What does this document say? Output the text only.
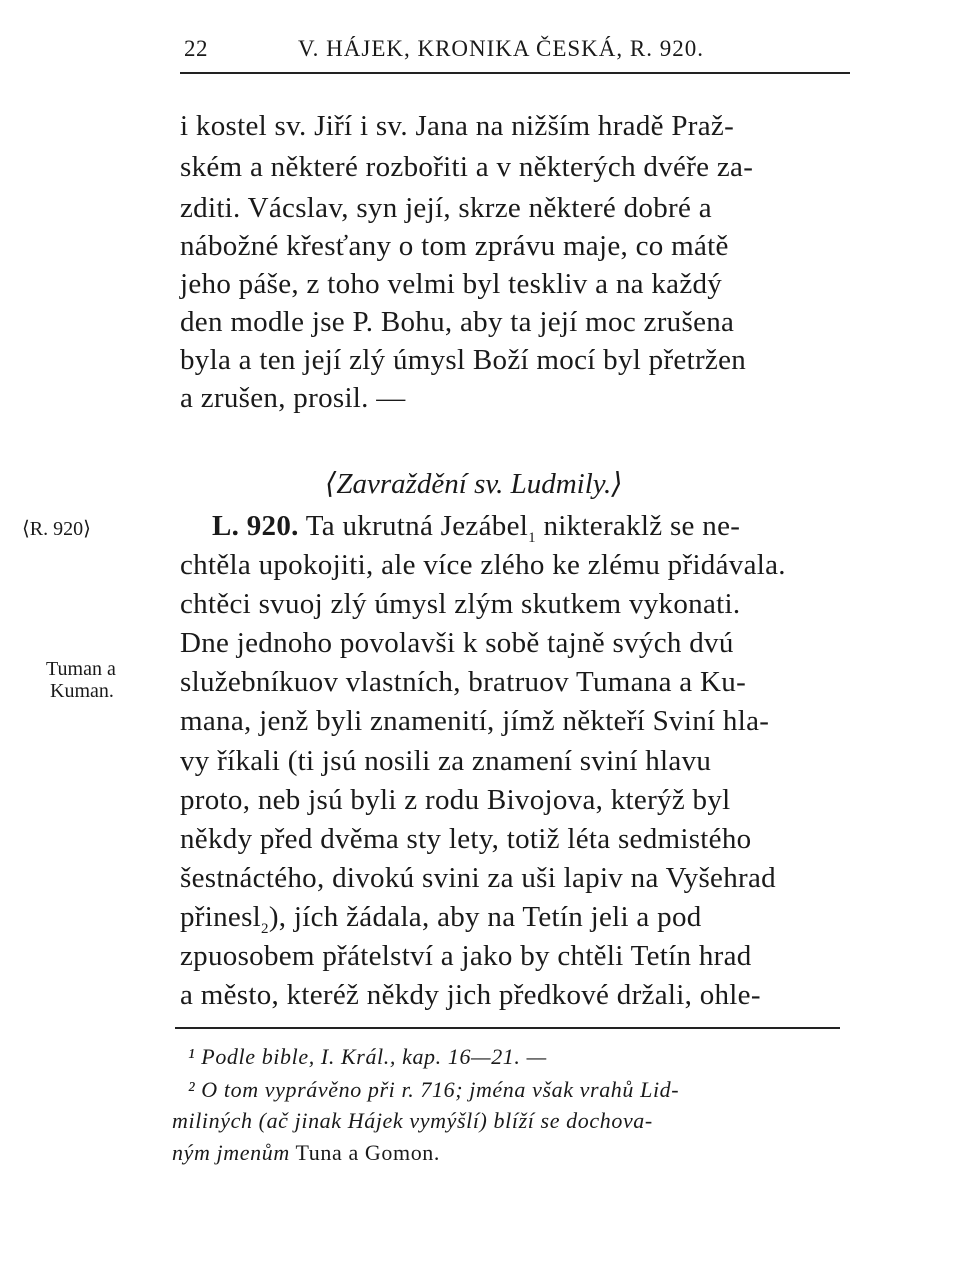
22	V. HÁJEK, KRONIKA ČESKÁ, R. 920.
i kostel sv. Jiří i sv. Jana na nižším hradě Praž-
ském a některé rozbořiti a v některých dvéře za-
zditi. Vácslav, syn její, skrze některé dobré a
nábožné křesťany o tom zprávu maje, co mátě
jeho páše, z toho velmi byl teskliv a na každý
den modle jse P. Bohu, aby ta její moc zrušena
byla a ten její zlý úmysl Boží mocí byl přetržen
a zrušen, prosil. —
⟨Zavraždění sv. Ludmily.⟩
⟨R. 920⟩
Tuman a
Kuman.
L. 920. Ta ukrutná Jezábel$_1$ nikteraklž se ne-
chtěla upokojiti, ale více zlého ke zlému přidávala.
chtěci svuoj zlý úmysl zlým skutkem vykonati.
Dne jednoho povolavši k sobě tajně svých dvú
služebníkuov vlastních, bratruov Tumana a Ku-
mana, jenž byli znamenití, jímž někteří Sviní hla-
vy říkali (ti jsú nosili za znamení sviní hlavu
proto, neb jsú byli z rodu Bivojova, kterýž byl
někdy před dvěma sty lety, totiž léta sedmistého
šestnáctého, divokú svini za uši lapiv na Vyšehrad
přinesl$_2$), jích žádala, aby na Tetín jeli a pod
zpuosobem přátelství a jako by chtěli Tetín hrad
a město, kteréž někdy jich předkové držali, ohle-
¹ Podle bible, I. Král., kap. 16—21. —
² O tom vyprávěno při r. 716; jména však vrahů Lid-
miliných (ač jinak Hájek vymýšlí) blíží se dochova-
ným jmenům Tuna a Gomon.
